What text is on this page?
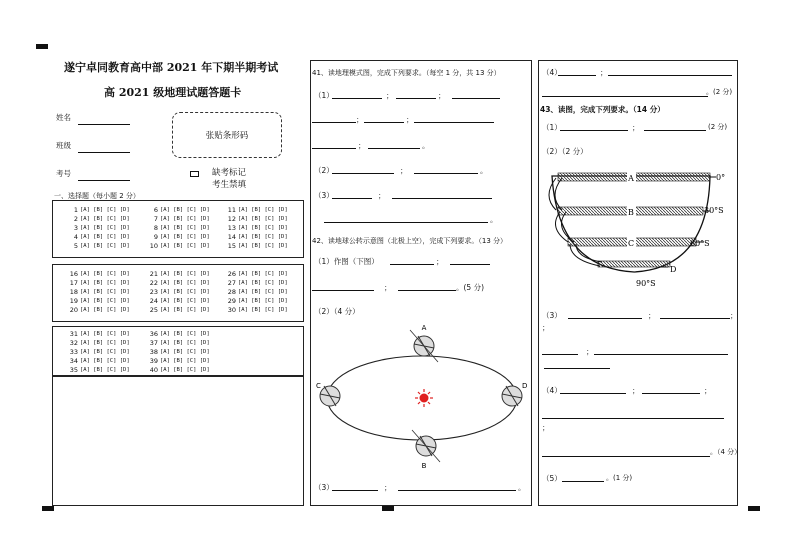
遂宁卓同教育高中部 2021 年下期半期考试
高 2021 级地理试题答题卡
姓名
班级
考号
张贴条形码
缺考标记
考生禁填
一、选择题（每小题 2 分）
1 [A] [B] [C] [D]	6 [A] [B] [C] [D]	11 [A] [B] [C] [D]
2 [A] [B] [C] [D]	7 [A] [B] [C] [D]	12 [A] [B] [C] [D]
3 [A] [B] [C] [D]	8 [A] [B] [C] [D]	13 [A] [B] [C] [D]
4 [A] [B] [C] [D]	9 [A] [B] [C] [D]	14 [A] [B] [C] [D]
5 [A] [B] [C] [D]	10 [A] [B] [C] [D]	15 [A] [B] [C] [D]
16 [A] [B] [C] [D]	21 [A] [B] [C] [D]	26 [A] [B] [C] [D]
17 [A] [B] [C] [D]	22 [A] [B] [C] [D]	27 [A] [B] [C] [D]
18 [A] [B] [C] [D]	23 [A] [B] [C] [D]	28 [A] [B] [C] [D]
19 [A] [B] [C] [D]	24 [A] [B] [C] [D]	29 [A] [B] [C] [D]
20 [A] [B] [C] [D]	25 [A] [B] [C] [D]	30 [A] [B] [C] [D]
31 [A] [B] [C] [D]	36 [A] [B] [C] [D]
32 [A] [B] [C] [D]	37 [A] [B] [C] [D]
33 [A] [B] [C] [D]	38 [A] [B] [C] [D]
34 [A] [B] [C] [D]	39 [A] [B] [C] [D]
35 [A] [B] [C] [D]	40 [A] [B] [C] [D]
41、读地理模式图，完成下列要求。（每空 1 分，共 13 分）
（1）	；	；
；	；
；	。
（2）	；	。
（3）	；
。
42、读地球公转示意图（北极上空），完成下列要求。（13 分）
（1）作图（下图）	；
；	。(5 分)
（2）（4 分）
A
B
C	D
（3）	；	。
（4）	；
。(2 分)
43、读图，完成下列要求。（14 分）
（1）	；	(2 分)
（2）（2 分）
A
B
C
D
0°
30°S
60°S
90°S
（3）	；	；
；
；
（4）	；	；
；
。（4 分）
（5）	。(1 分)
